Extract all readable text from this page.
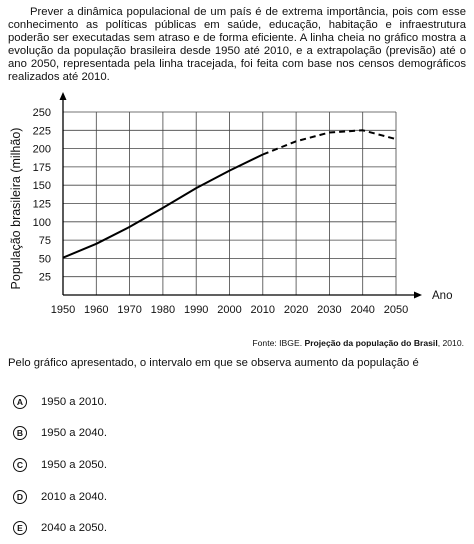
Prever a dinâmica populacional de um país é de extrema importância, pois com esse conhecimento as políticas públicas em saúde, educação, habitação e infraestrutura poderão ser executadas sem atraso e de forma eficiente. A linha cheia no gráfico mostra a evolução da população brasileira desde 1950 até 2010, e a extrapolação (previsão) até o ano 2050, representada pela linha tracejada, foi feita com base nos censos demográficos realizados até 2010.

1950 1960 1970 1980 1990 2000 2010 2020 2030 2040 2050
25
50
75
100
125
150
175
200
225
250
Ano
População brasileira (milhão)
Fonte: IBGE. Projeção da população do Brasil, 2010.

Pelo gráfico apresentado, o intervalo em que se observa aumento da população é

A	1950 a 2010.
B	1950 a 2040.
C	1950 a 2050.
D	2010 a 2040.
E	2040 a 2050.
